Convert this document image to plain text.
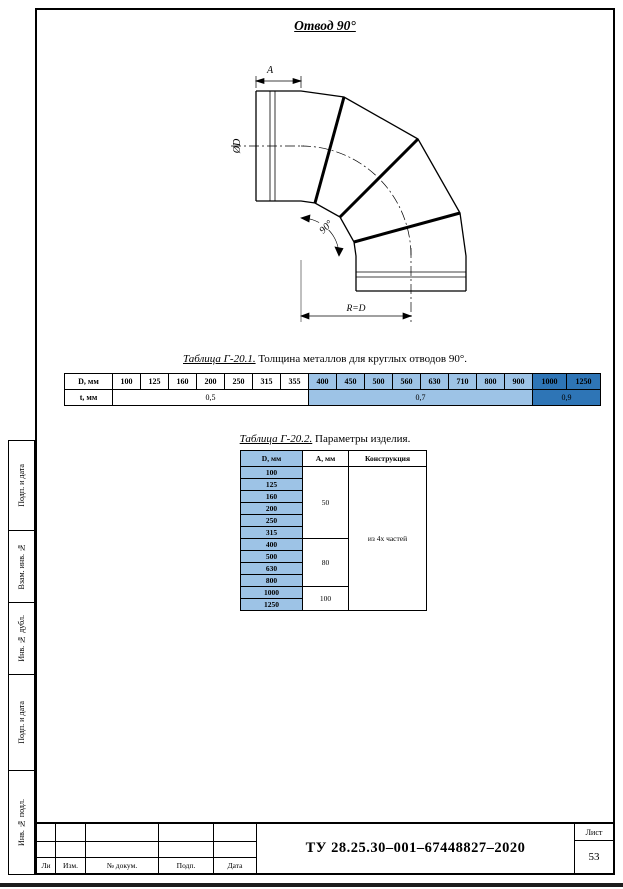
Отвод 90°
A
ØD
90°
R=D
Таблица Г-20.1. Толщина металлов для круглых отводов 90°.
D, мм	100	125	160	200	250	315	355	400	450	500	560	630	710	800	900	1000	1250
t, мм	0,5							0,7								0,9	
Таблица Г-20.2. Параметры изделия.
D, мм	A, мм	Конструкция
100	50	из 4х частей
125		
160		
200		
250		
315		
400	80	
500		
630		
800		
1000	100	
1250		
Подп. и дата
Взам. инв. №
Инв. № дубл.
Подп. и дата
Инв. № подл.
Ли	Изм.	№ докум.	Подп.	Дата
ТУ 28.25.30–001–67448827–2020
Лист
53
